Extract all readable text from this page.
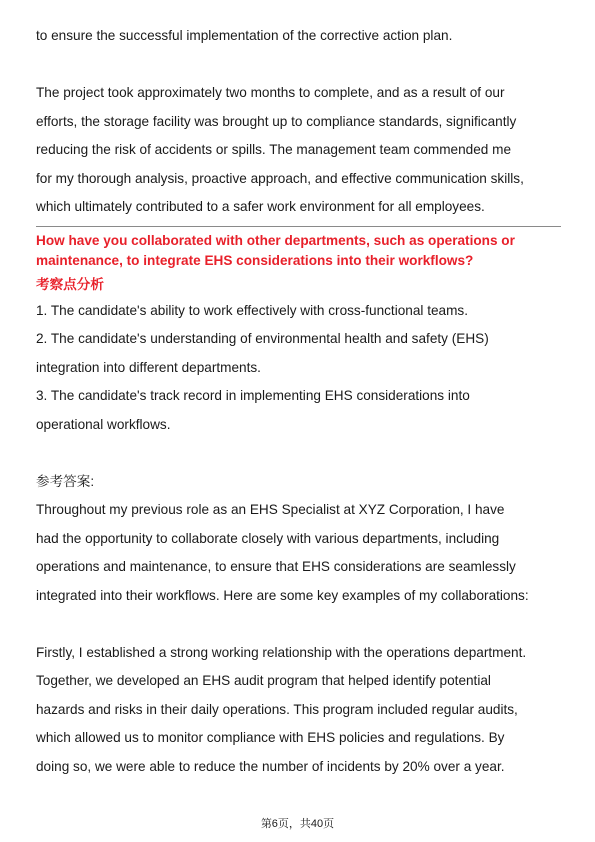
to ensure the successful implementation of the corrective action plan.
The project took approximately two months to complete, and as a result of our
efforts, the storage facility was brought up to compliance standards, significantly
reducing the risk of accidents or spills. The management team commended me
for my thorough analysis, proactive approach, and effective communication skills,
which ultimately contributed to a safer work environment for all employees.
How have you collaborated with other departments, such as operations or
maintenance, to integrate EHS considerations into their workflows?
考察点分析
1. The candidate's ability to work effectively with cross-functional teams.
2. The candidate's understanding of environmental health and safety (EHS)
integration into different departments.
3. The candidate's track record in implementing EHS considerations into
operational workflows.
参考答案:
Throughout my previous role as an EHS Specialist at XYZ Corporation, I have
had the opportunity to collaborate closely with various departments, including
operations and maintenance, to ensure that EHS considerations are seamlessly
integrated into their workflows. Here are some key examples of my collaborations:
Firstly, I established a strong working relationship with the operations department.
Together, we developed an EHS audit program that helped identify potential
hazards and risks in their daily operations. This program included regular audits,
which allowed us to monitor compliance with EHS policies and regulations. By
doing so, we were able to reduce the number of incidents by 20% over a year.
第6页，共40页
